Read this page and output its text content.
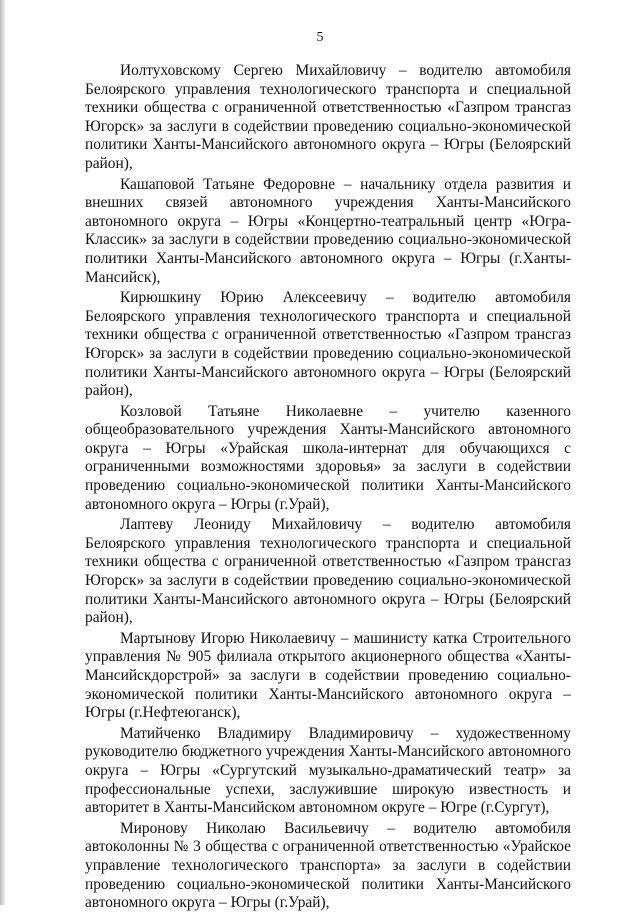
5

Иолтуховскому Сергею Михайловичу – водителю автомобиля Белоярского управления технологического транспорта и специальной техники общества с ограниченной ответственностью «Газпром трансгаз Югорск» за заслуги в содействии проведению социально-экономической политики Ханты-Мансийского автономного округа – Югры (Белоярский район),

Кашаповой Татьяне Федоровне – начальнику отдела развития и внешних связей автономного учреждения Ханты-Мансийского автономного округа – Югры «Концертно-театральный центр «Югра-Классик» за заслуги в содействии проведению социально-экономической политики Ханты-Мансийского автономного округа – Югры (г.Ханты-Мансийск),

Кирюшкину Юрию Алексеевичу – водителю автомобиля Белоярского управления технологического транспорта и специальной техники общества с ограниченной ответственностью «Газпром трансгаз Югорск» за заслуги в содействии проведению социально-экономической политики Ханты-Мансийского автономного округа – Югры (Белоярский район),

Козловой Татьяне Николаевне – учителю казенного общеобразовательного учреждения Ханты-Мансийского автономного округа – Югры «Урайская школа-интернат для обучающихся с ограниченными возможностями здоровья» за заслуги в содействии проведению социально-экономической политики Ханты-Мансийского автономного округа – Югры (г.Урай),

Лаптеву Леониду Михайловичу – водителю автомобиля Белоярского управления технологического транспорта и специальной техники общества с ограниченной ответственностью «Газпром трансгаз Югорск» за заслуги в содействии проведению социально-экономической политики Ханты-Мансийского автономного округа – Югры (Белоярский район),

Мартынову Игорю Николаевичу – машинисту катка Строительного управления № 905 филиала открытого акционерного общества «Ханты-Мансийскдорстрой» за заслуги в содействии проведению социально-экономической политики Ханты-Мансийского автономного округа – Югры (г.Нефтеюганск),

Матийченко Владимиру Владимировичу – художественному руководителю бюджетного учреждения Ханты-Мансийского автономного округа – Югры «Сургутский музыкально-драматический театр» за профессиональные успехи, заслужившие широкую известность и авторитет в Ханты-Мансийском автономном округе – Югре (г.Сургут),

Миронову Николаю Васильевичу – водителю автомобиля автоколонны № 3 общества с ограниченной ответственностью «Урайское управление технологического транспорта» за заслуги в содействии проведению социально-экономической политики Ханты-Мансийского автономного округа – Югры (г.Урай),
